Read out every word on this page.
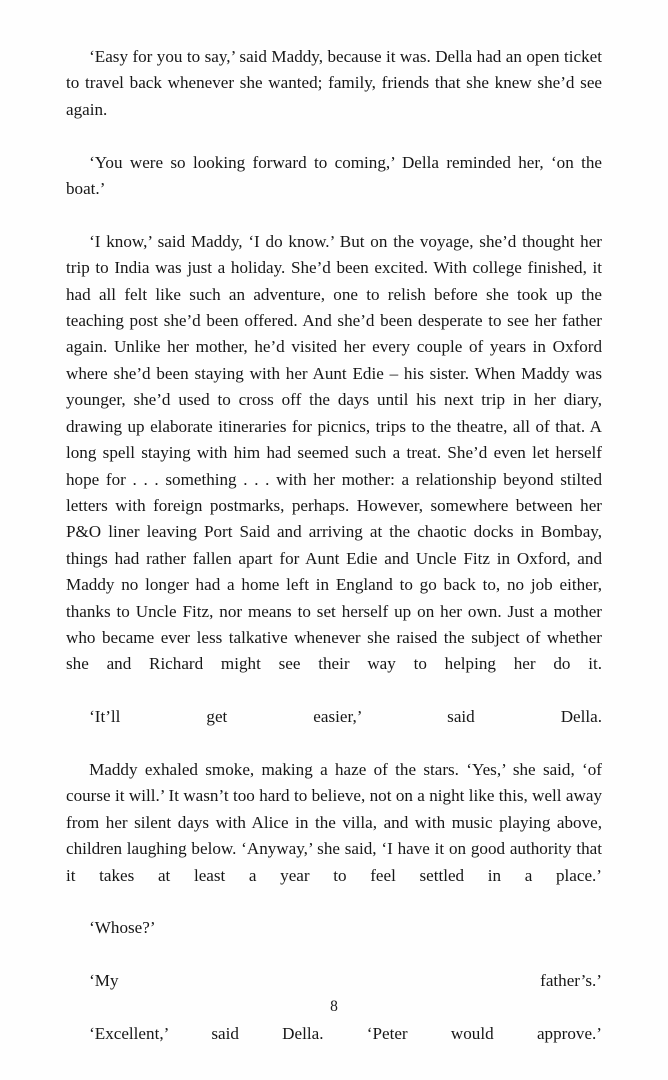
‘Easy for you to say,’ said Maddy, because it was. Della had an open ticket to travel back whenever she wanted; family, friends that she knew she’d see again.

‘You were so looking forward to coming,’ Della reminded her, ‘on the boat.’

‘I know,’ said Maddy, ‘I do know.’ But on the voyage, she’d thought her trip to India was just a holiday. She’d been excited. With college finished, it had all felt like such an adventure, one to relish before she took up the teaching post she’d been offered. And she’d been desperate to see her father again. Unlike her mother, he’d visited her every couple of years in Oxford where she’d been staying with her Aunt Edie – his sister. When Maddy was younger, she’d used to cross off the days until his next trip in her diary, drawing up elaborate itineraries for picnics, trips to the theatre, all of that. A long spell staying with him had seemed such a treat. She’d even let herself hope for . . . something . . . with her mother: a relationship beyond stilted letters with foreign postmarks, perhaps. However, somewhere between her P&O liner leaving Port Said and arriving at the chaotic docks in Bombay, things had rather fallen apart for Aunt Edie and Uncle Fitz in Oxford, and Maddy no longer had a home left in England to go back to, no job either, thanks to Uncle Fitz, nor means to set herself up on her own. Just a mother who became ever less talkative whenever she raised the subject of whether she and Richard might see their way to helping her do it.

‘It’ll get easier,’ said Della.

Maddy exhaled smoke, making a haze of the stars. ‘Yes,’ she said, ‘of course it will.’ It wasn’t too hard to believe, not on a night like this, well away from her silent days with Alice in the villa, and with music playing above, children laughing below. ‘Anyway,’ she said, ‘I have it on good authority that it takes at least a year to feel settled in a place.’

‘Whose?’

‘My father’s.’

‘Excellent,’ said Della. ‘Peter would approve.’

8
